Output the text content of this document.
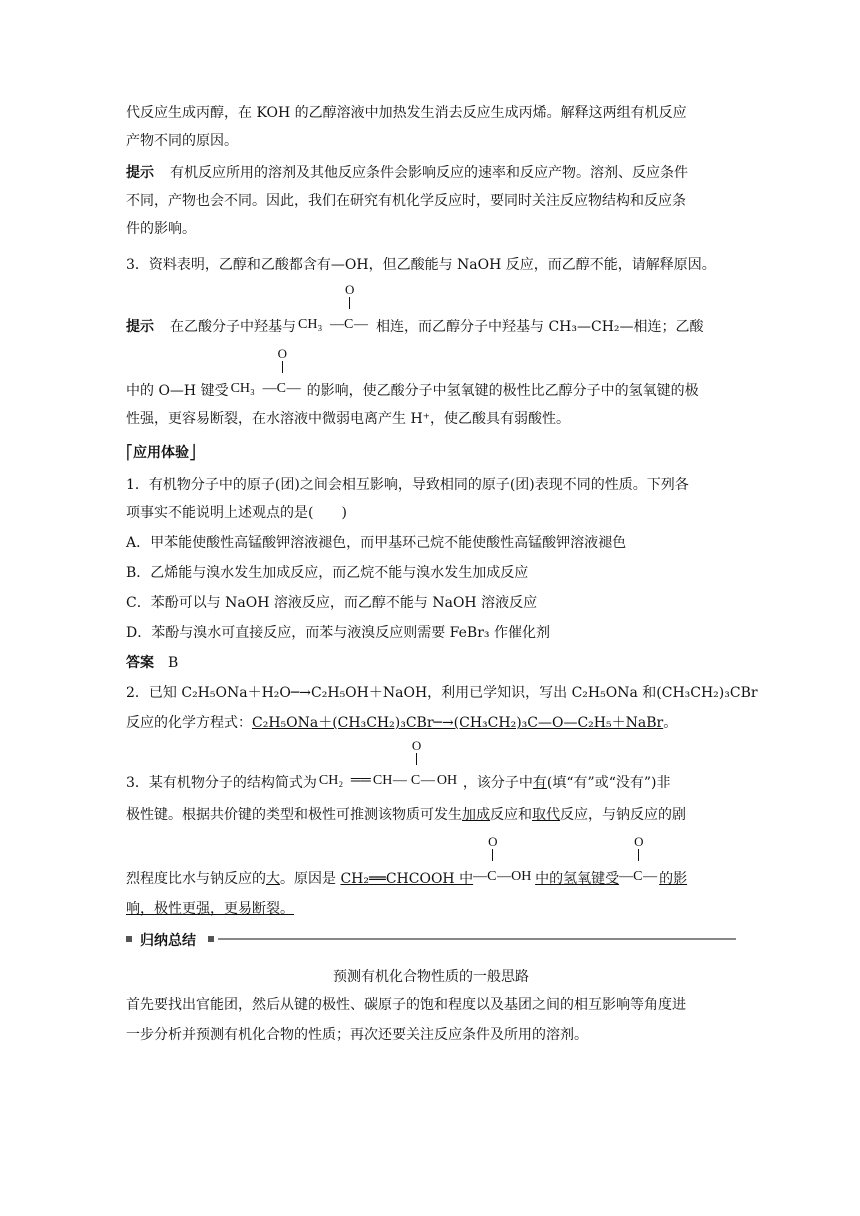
代反应生成丙醇，在 KOH 的乙醇溶液中加热发生消去反应生成丙烯。解释这两组有机反应
产物不同的原因。
提示 有机反应所用的溶剂及其他反应条件会影响反应的速率和反应产物。溶剂、反应条件
不同，产物也会不同。因此，我们在研究有机化学反应时，要同时关注反应物结构和反应条
件的影响。
3．资料表明，乙醇和乙酸都含有—OH，但乙酸能与 NaOH 反应，而乙醇不能，请解释原因。
提示 在乙酸分子中羟基与 CH₃ — C —
O
相连，而乙醇分子中羟基与 CH₃—CH₂—相连；乙酸
中的 O—H 键受 CH₃ — C —
O
的影响，使乙酸分子中氢氧键的极性比乙醇分子中的氢氧键的极
性强，更容易断裂，在水溶液中微弱电离产生 H⁺，使乙酸具有弱酸性。
⎡应用体验⎦
1．有机物分子中的原子(团)之间会相互影响，导致相同的原子(团)表现不同的性质。下列各
项事实不能说明上述观点的是(　　)
A．甲苯能使酸性高锰酸钾溶液褪色，而甲基环己烷不能使酸性高锰酸钾溶液褪色
B．乙烯能与溴水发生加成反应，而乙烷不能与溴水发生加成反应
C．苯酚可以与 NaOH 溶液反应，而乙醇不能与 NaOH 溶液反应
D．苯酚与溴水可直接反应，而苯与液溴反应则需要 FeBr₃ 作催化剂
答案 B
2．已知 C₂H₅ONa＋H₂O─→C₂H₅OH＋NaOH，利用已学知识，写出 C₂H₅ONa 和(CH₃CH₂)₃CBr
反应的化学方程式：C₂H₅ONa＋(CH₃CH₂)₃CBr─→(CH₃CH₂)₃C—O—C₂H₅＋NaBr。
3．某有机物分子的结构简式为 CH₂ ══ CH — C — OH
O
，该分子中有(填“有”或“没有”)非
极性键。根据共价键的类型和极性可推测该物质可发生加成反应和取代反应，与钠反应的剧
烈程度比水与钠反应的大。原因是 CH₂══CHCOOH 中 — C — OH
O
中的氢氧键受 — C —
O
的影
响，极性更强，更易断裂。
归纳总结
预测有机化合物性质的一般思路
首先要找出官能团，然后从键的极性、碳原子的饱和程度以及基团之间的相互影响等角度进
一步分析并预测有机化合物的性质；再次还要关注反应条件及所用的溶剂。
